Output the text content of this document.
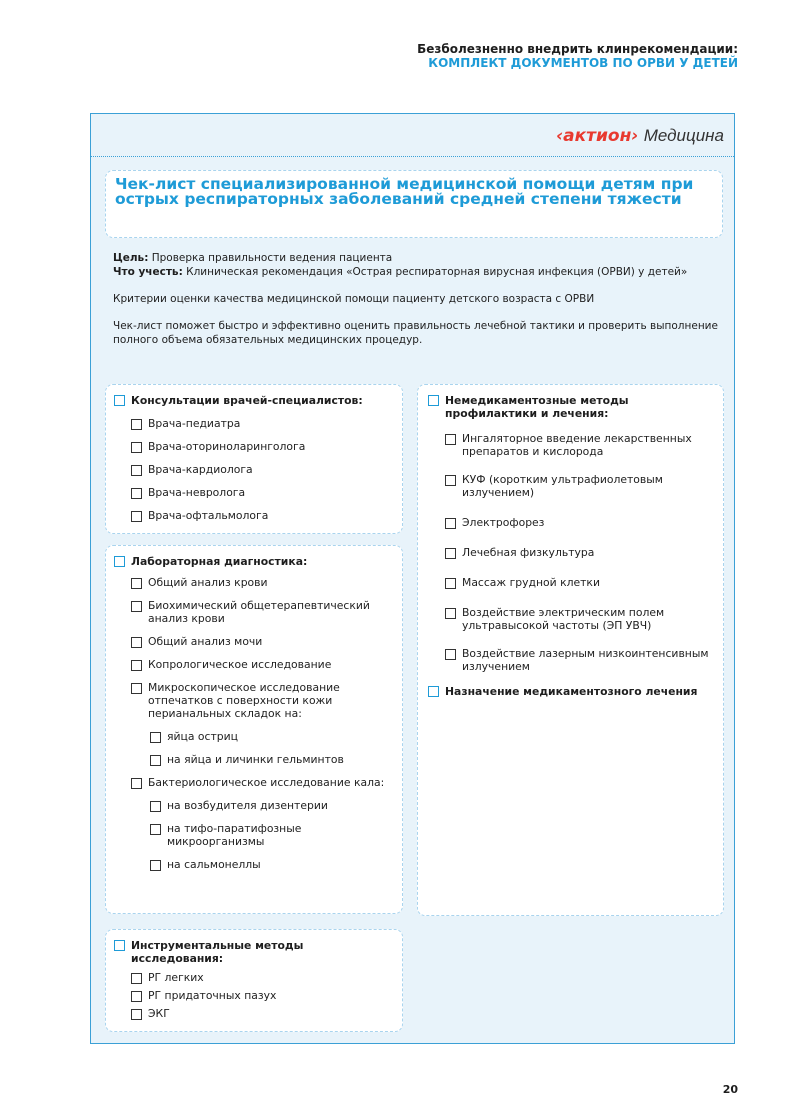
Безболезненно внедрить клинрекомендации:
КОМПЛЕКТ ДОКУМЕНТОВ ПО ОРВИ У ДЕТЕЙ
‹актион› Медицина
Чек-лист специализированной медицинской помощи детям при острых респираторных заболеваний средней степени тяжести

Цель: Проверка правильности ведения пациента

Что учесть: Клиническая рекомендация «Острая респираторная вирусная инфекция (ОРВИ) у детей»

Критерии оценки качества медицинской помощи пациенту детского возраста с ОРВИ

Чек-лист поможет быстро и эффективно оценить правильность лечебной тактики и проверить выполнение полного объема обязательных медицинских процедур.

Консультации врачей-специалистов:
Врача-педиатра
Врача-оториноларинголога
Врача-кардиолога
Врача-невролога
Врача-офтальмолога
Лабораторная диагностика:
Общий анализ крови
Биохимический общетерапевтический анализ крови
Общий анализ мочи
Копрологическое исследование
Микроскопическое исследование отпечатков с поверхности кожи перианальных складок на:
яйца остриц
на яйца и личинки гельминтов
Бактериологическое исследование кала:
на возбудителя дизентерии
на тифо-паратифозные микроорганизмы
на сальмонеллы
Инструментальные методы исследования:
РГ легких
РГ придаточных пазух
ЭКГ
Немедикаментозные методы профилактики и лечения:
Ингаляторное введение лекарственных препаратов и кислорода
КУФ (коротким ультрафиолетовым излучением)
Электрофорез
Лечебная физкультура
Массаж грудной клетки
Воздействие электрическим полем ультравысокой частоты (ЭП УВЧ)
Воздействие лазерным низкоинтенсивным излучением
Назначение медикаментозного лечения
20
